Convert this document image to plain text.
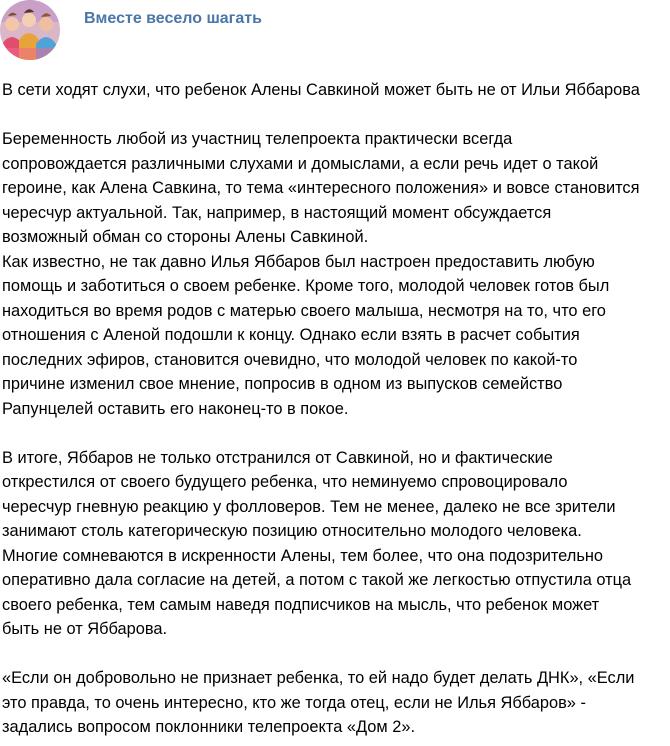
Вместе весело шагать

В сети ходят слухи, что ребенок Алены Савкиной может быть не от Ильи Яббарова

Беременность любой из участниц телепроекта практически всегда

сопровождается различными слухами и домыслами, а если речь идет о такой

героине, как Алена Савкина, то тема «интересного положения» и вовсе становится

чересчур актуальной. Так, например, в настоящий момент обсуждается

возможный обман со стороны Алены Савкиной.

Как известно, не так давно Илья Яббаров был настроен предоставить любую

помощь и заботиться о своем ребенке. Кроме того, молодой человек готов был

находиться во время родов с матерью своего малыша, несмотря на то, что его

отношения с Аленой подошли к концу. Однако если взять в расчет события

последних эфиров, становится очевидно, что молодой человек по какой-то

причине изменил свое мнение, попросив в одном из выпусков семейство

Рапунцелей оставить его наконец-то в покое.

В итоге, Яббаров не только отстранился от Савкиной, но и фактические

открестился от своего будущего ребенка, что неминуемо спровоцировало

чересчур гневную реакцию у фолловеров. Тем не менее, далеко не все зрители

занимают столь категорическую позицию относительно молодого человека.

Многие сомневаются в искренности Алены, тем более, что она подозрительно

оперативно дала согласие на детей, а потом с такой же легкостью отпустила отца

своего ребенка, тем самым наведя подписчиков на мысль, что ребенок может

быть не от Яббарова.

«Если он добровольно не признает ребенка, то ей надо будет делать ДНК», «Если

это правда, то очень интересно, кто же тогда отец, если не Илья Яббаров» -

задались вопросом поклонники телепроекта «Дом 2».
